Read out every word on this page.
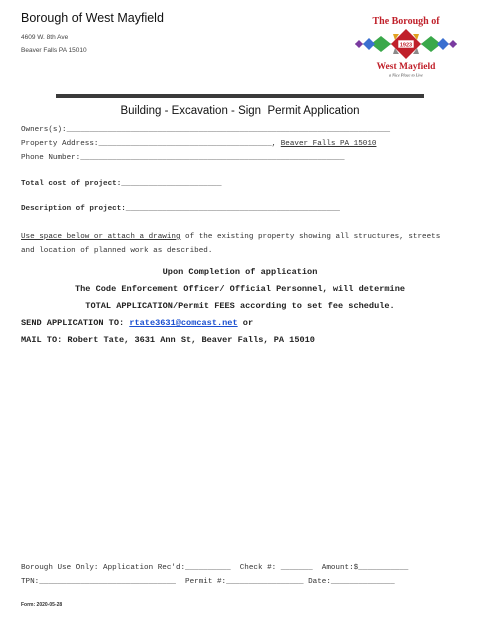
Borough of West Mayfield
4609 W. 8th Ave
Beaver Falls PA 15010
The Borough of
1923
West Mayfield
a Nice Place to Live
Building - Excavation - Sign  Permit Application
Owners(s):_______________________________________________________________________
Property Address:______________________________________, Beaver Falls PA 15010
Phone Number:__________________________________________________________
Total cost of project:______________________
Description of project:_______________________________________________
Use space below or attach a drawing of the existing property showing all structures, streets
and location of planned work as described.
Upon Completion of application
The Code Enforcement Officer/ Official Personnel, will determine
TOTAL APPLICATION/Permit FEES according to set fee schedule.
SEND APPLICATION TO: rtate3631@comcast.net or
MAIL TO: Robert Tate, 3631 Ann St, Beaver Falls, PA 15010
Borough Use Only: Application Rec'd:__________  Check #: _______  Amount:$___________
TPN:______________________________  Permit #:_________________ Date:______________
Form: 2020-05-28
